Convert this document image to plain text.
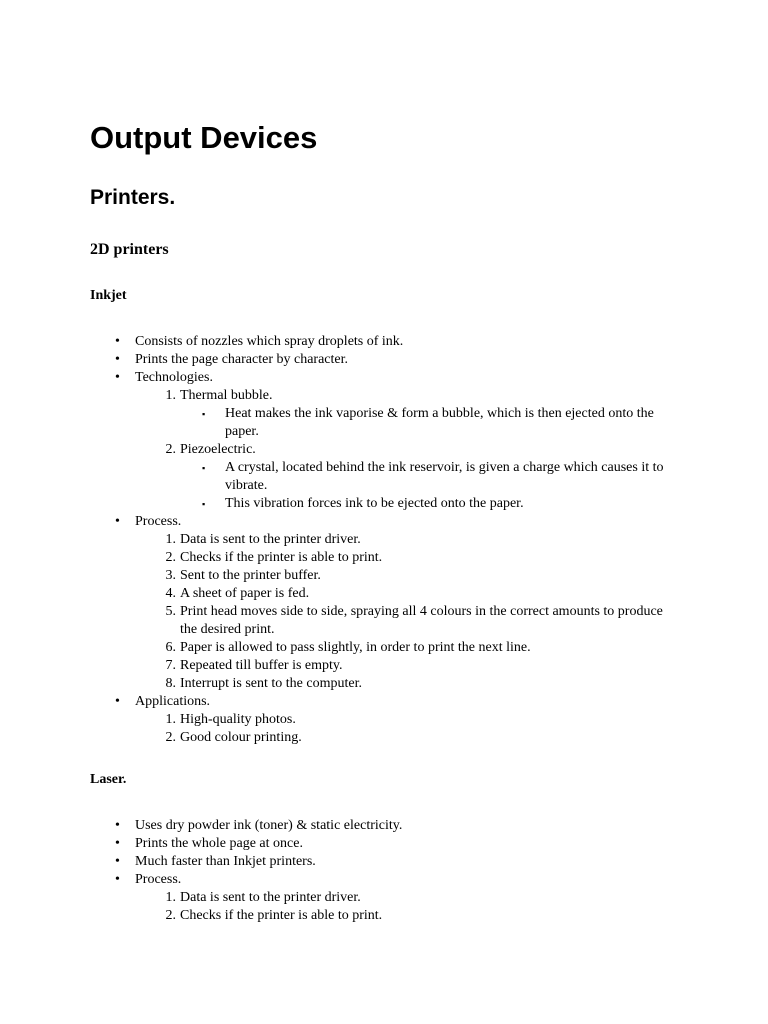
Output Devices
Printers.
2D printers
Inkjet
•	Consists of nozzles which spray droplets of ink.
•	Prints the page character by character.
•	Technologies.
1. Thermal bubble.
▪	Heat makes the ink vaporise & form a bubble, which is then ejected onto the paper.
2. Piezoelectric.
▪	A crystal, located behind the ink reservoir, is given a charge which causes it to vibrate.
▪	This vibration forces ink to be ejected onto the paper.
•	Process.
1. Data is sent to the printer driver.
2. Checks if the printer is able to print.
3. Sent to the printer buffer.
4. A sheet of paper is fed.
5. Print head moves side to side, spraying all 4 colours in the correct amounts to produce the desired print.
6. Paper is allowed to pass slightly, in order to print the next line.
7. Repeated till buffer is empty.
8. Interrupt is sent to the computer.
•	Applications.
1. High-quality photos.
2. Good colour printing.
Laser.
•	Uses dry powder ink (toner) & static electricity.
•	Prints the whole page at once.
•	Much faster than Inkjet printers.
•	Process.
1. Data is sent to the printer driver.
2. Checks if the printer is able to print.
